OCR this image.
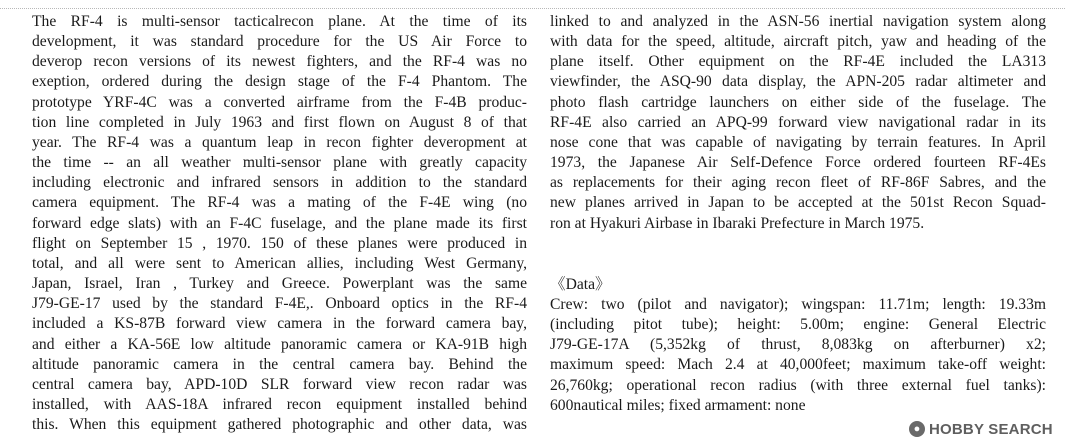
The RF-4 is multi-sensor tacticalrecon plane. At the time of its
development, it was standard procedure for the US Air Force to
deverop recon versions of its newest fighters, and the RF-4 was no
exeption, ordered during the design stage of the F-4 Phantom. The
prototype YRF-4C was a converted airframe from the F-4B produc-
tion line completed in July 1963 and first flown on August 8 of that
year. The RF-4 was a quantum leap in recon fighter deveropment at
the time -- an all weather multi-sensor plane with greatly capacity
including electronic and infrared sensors in addition to the standard
camera equipment. The RF-4 was a mating of the F-4E wing (no
forward edge slats) with an F-4C fuselage, and the plane made its first
flight on September 15 , 1970. 150 of these planes were produced in
total, and all were sent to American allies, including West Germany,
Japan, Israel, Iran , Turkey and Greece. Powerplant was the same
J79-GE-17 used by the standard F-4E,. Onboard optics in the RF-4
included a KS-87B forward view camera in the forward camera bay,
and either a KA-56E low altitude panoramic camera or KA-91B high
altitude panoramic camera in the central camera bay. Behind the
central camera bay, APD-10D SLR forward view recon radar was
installed, with AAS-18A infrared recon equipment installed behind
this. When this equipment gathered photographic and other data, was
linked to and analyzed in the ASN-56 inertial navigation system along
with data for the speed, altitude, aircraft pitch, yaw and heading of the
plane itself. Other equipment on the RF-4E included the LA313
viewfinder, the ASQ-90 data display, the APN-205 radar altimeter and
photo flash cartridge launchers on either side of the fuselage. The
RF-4E also carried an APQ-99 forward view navigational radar in its
nose cone that was capable of navigating by terrain features. In April
1973, the Japanese Air Self-Defence Force ordered fourteen RF-4Es
as replacements for their aging recon fleet of RF-86F Sabres, and the
new planes arrived in Japan to be accepted at the 501st Recon Squad-
ron at Hyakuri Airbase in Ibaraki Prefecture in March 1975.
《Data》
Crew: two (pilot and navigator); wingspan: 11.71m; length: 19.33m
(including pitot tube); height: 5.00m; engine: General Electric
J79-GE-17A (5,352kg of thrust, 8,083kg on afterburner) x2;
maximum speed: Mach 2.4 at 40,000feet; maximum take-off weight:
26,760kg; operational recon radius (with three external fuel tanks):
600nautical miles; fixed armament: none
● HOBBY SEARCH
